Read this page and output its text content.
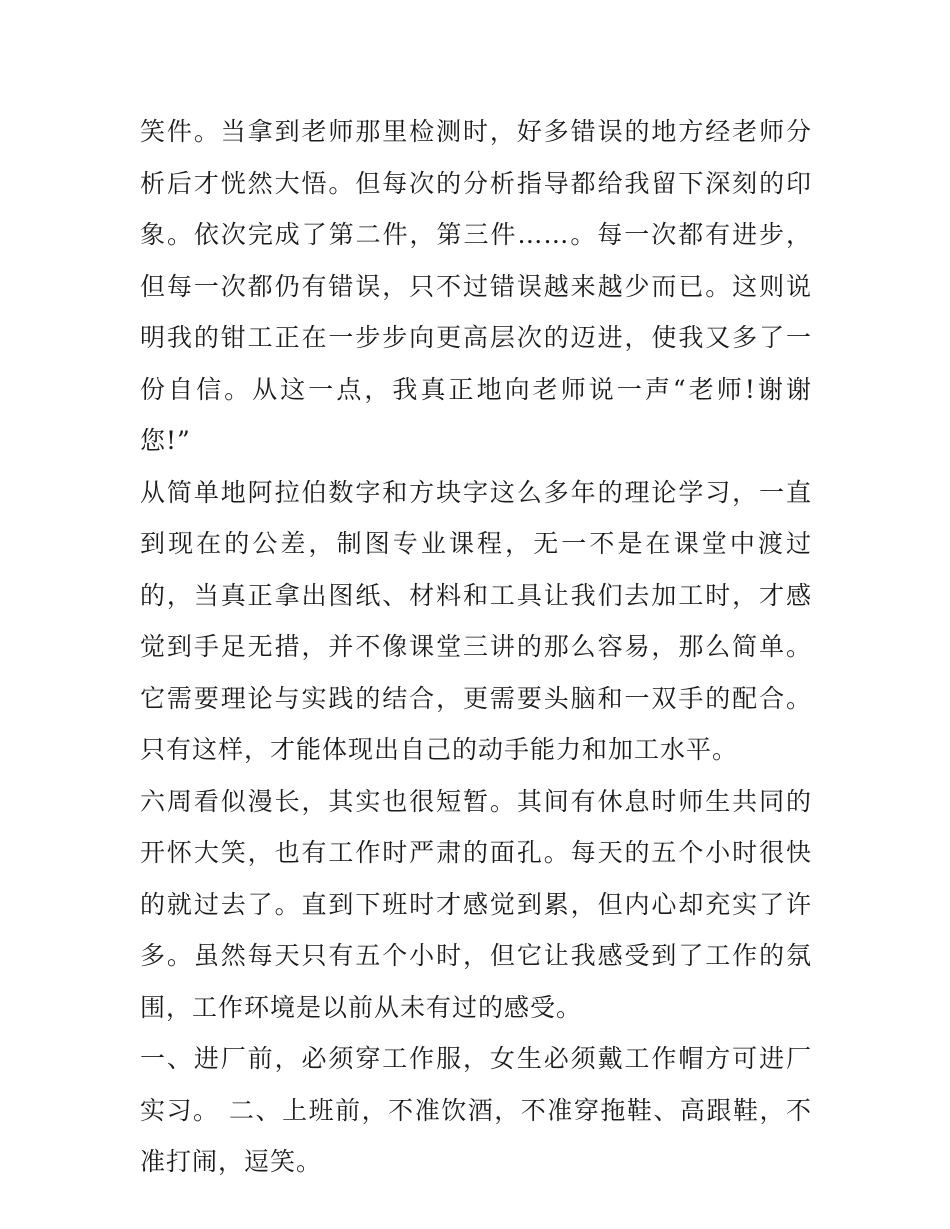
笑件。当拿到老师那里检测时，好多错误的地方经老师分析后才恍然大悟。但每次的分析指导都给我留下深刻的印象。依次完成了第二件，第三件……。每一次都有进步，但每一次都仍有错误，只不过错误越来越少而已。这则说明我的钳工正在一步步向更高层次的迈进，使我又多了一份自信。从这一点，我真正地向老师说一声“老师!谢谢您!”

从简单地阿拉伯数字和方块字这么多年的理论学习，一直到现在的公差，制图专业课程，无一不是在课堂中渡过的，当真正拿出图纸、材料和工具让我们去加工时，才感觉到手足无措，并不像课堂三讲的那么容易，那么简单。它需要理论与实践的结合，更需要头脑和一双手的配合。只有这样，才能体现出自己的动手能力和加工水平。

六周看似漫长，其实也很短暂。其间有休息时师生共同的开怀大笑，也有工作时严肃的面孔。每天的五个小时很快的就过去了。直到下班时才感觉到累，但内心却充实了许多。虽然每天只有五个小时，但它让我感受到了工作的氛围，工作环境是以前从未有过的感受。

一、进厂前，必须穿工作服，女生必须戴工作帽方可进厂实习。 二、上班前，不准饮酒，不准穿拖鞋、高跟鞋，不准打闹，逗笑。
